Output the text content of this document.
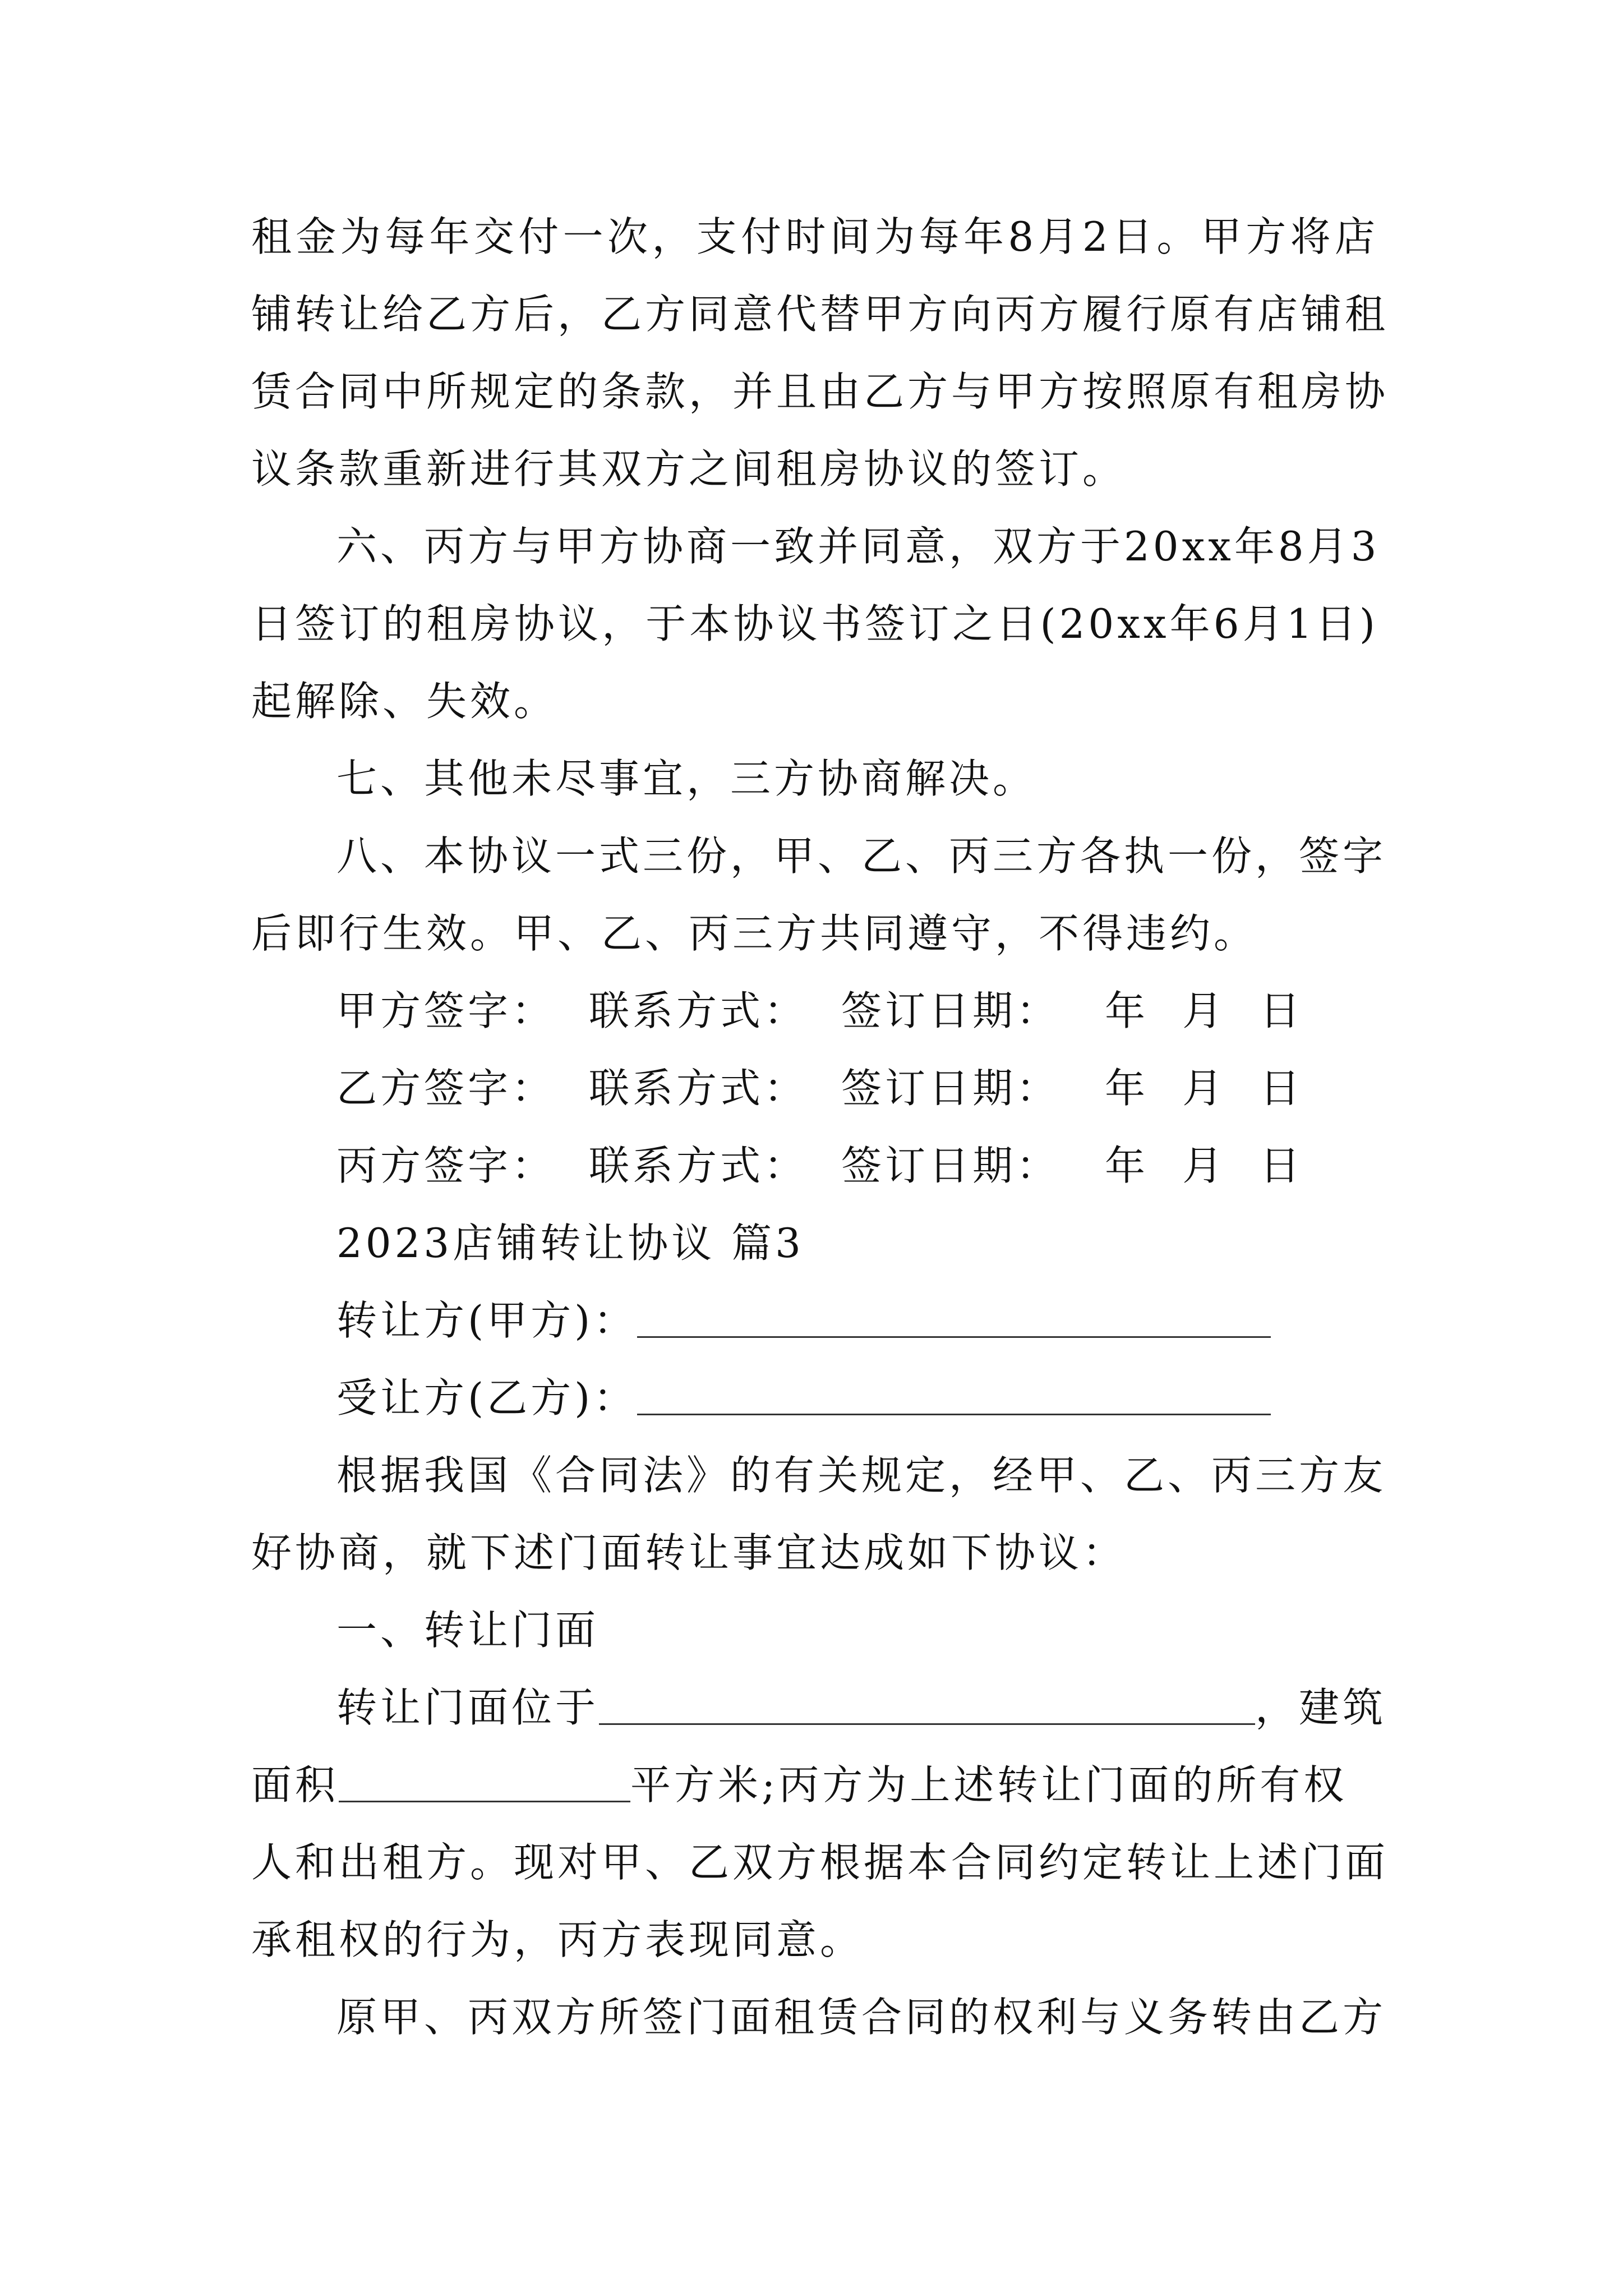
租金为每年交付一次，支付时间为每年8月2日。甲方将店
铺转让给乙方后，乙方同意代替甲方向丙方履行原有店铺租
赁合同中所规定的条款，并且由乙方与甲方按照原有租房协
议条款重新进行其双方之间租房协议的签订。
六、丙方与甲方协商一致并同意，双方于20xx年8月3
日签订的租房协议，于本协议书签订之日(20xx年6月1日)
起解除、失效。
七、其他未尽事宜，三方协商解决。
八、本协议一式三份，甲、乙、丙三方各执一份，签字
后即行生效。甲、乙、丙三方共同遵守，不得违约。
甲方签字： 联系方式： 签订日期： 年 月 日
乙方签字： 联系方式： 签订日期： 年 月 日
丙方签字： 联系方式： 签订日期： 年 月 日
2023店铺转让协议 篇3
转让方(甲方)：
受让方(乙方)：
根据我国《合同法》的有关规定，经甲、乙、丙三方友
好协商，就下述门面转让事宜达成如下协议：
一、转让门面
转让门面位于	，建筑
面积	平方米;丙方为上述转让门面的所有权
人和出租方。现对甲、乙双方根据本合同约定转让上述门面
承租权的行为，丙方表现同意。
原甲、丙双方所签门面租赁合同的权利与义务转由乙方
